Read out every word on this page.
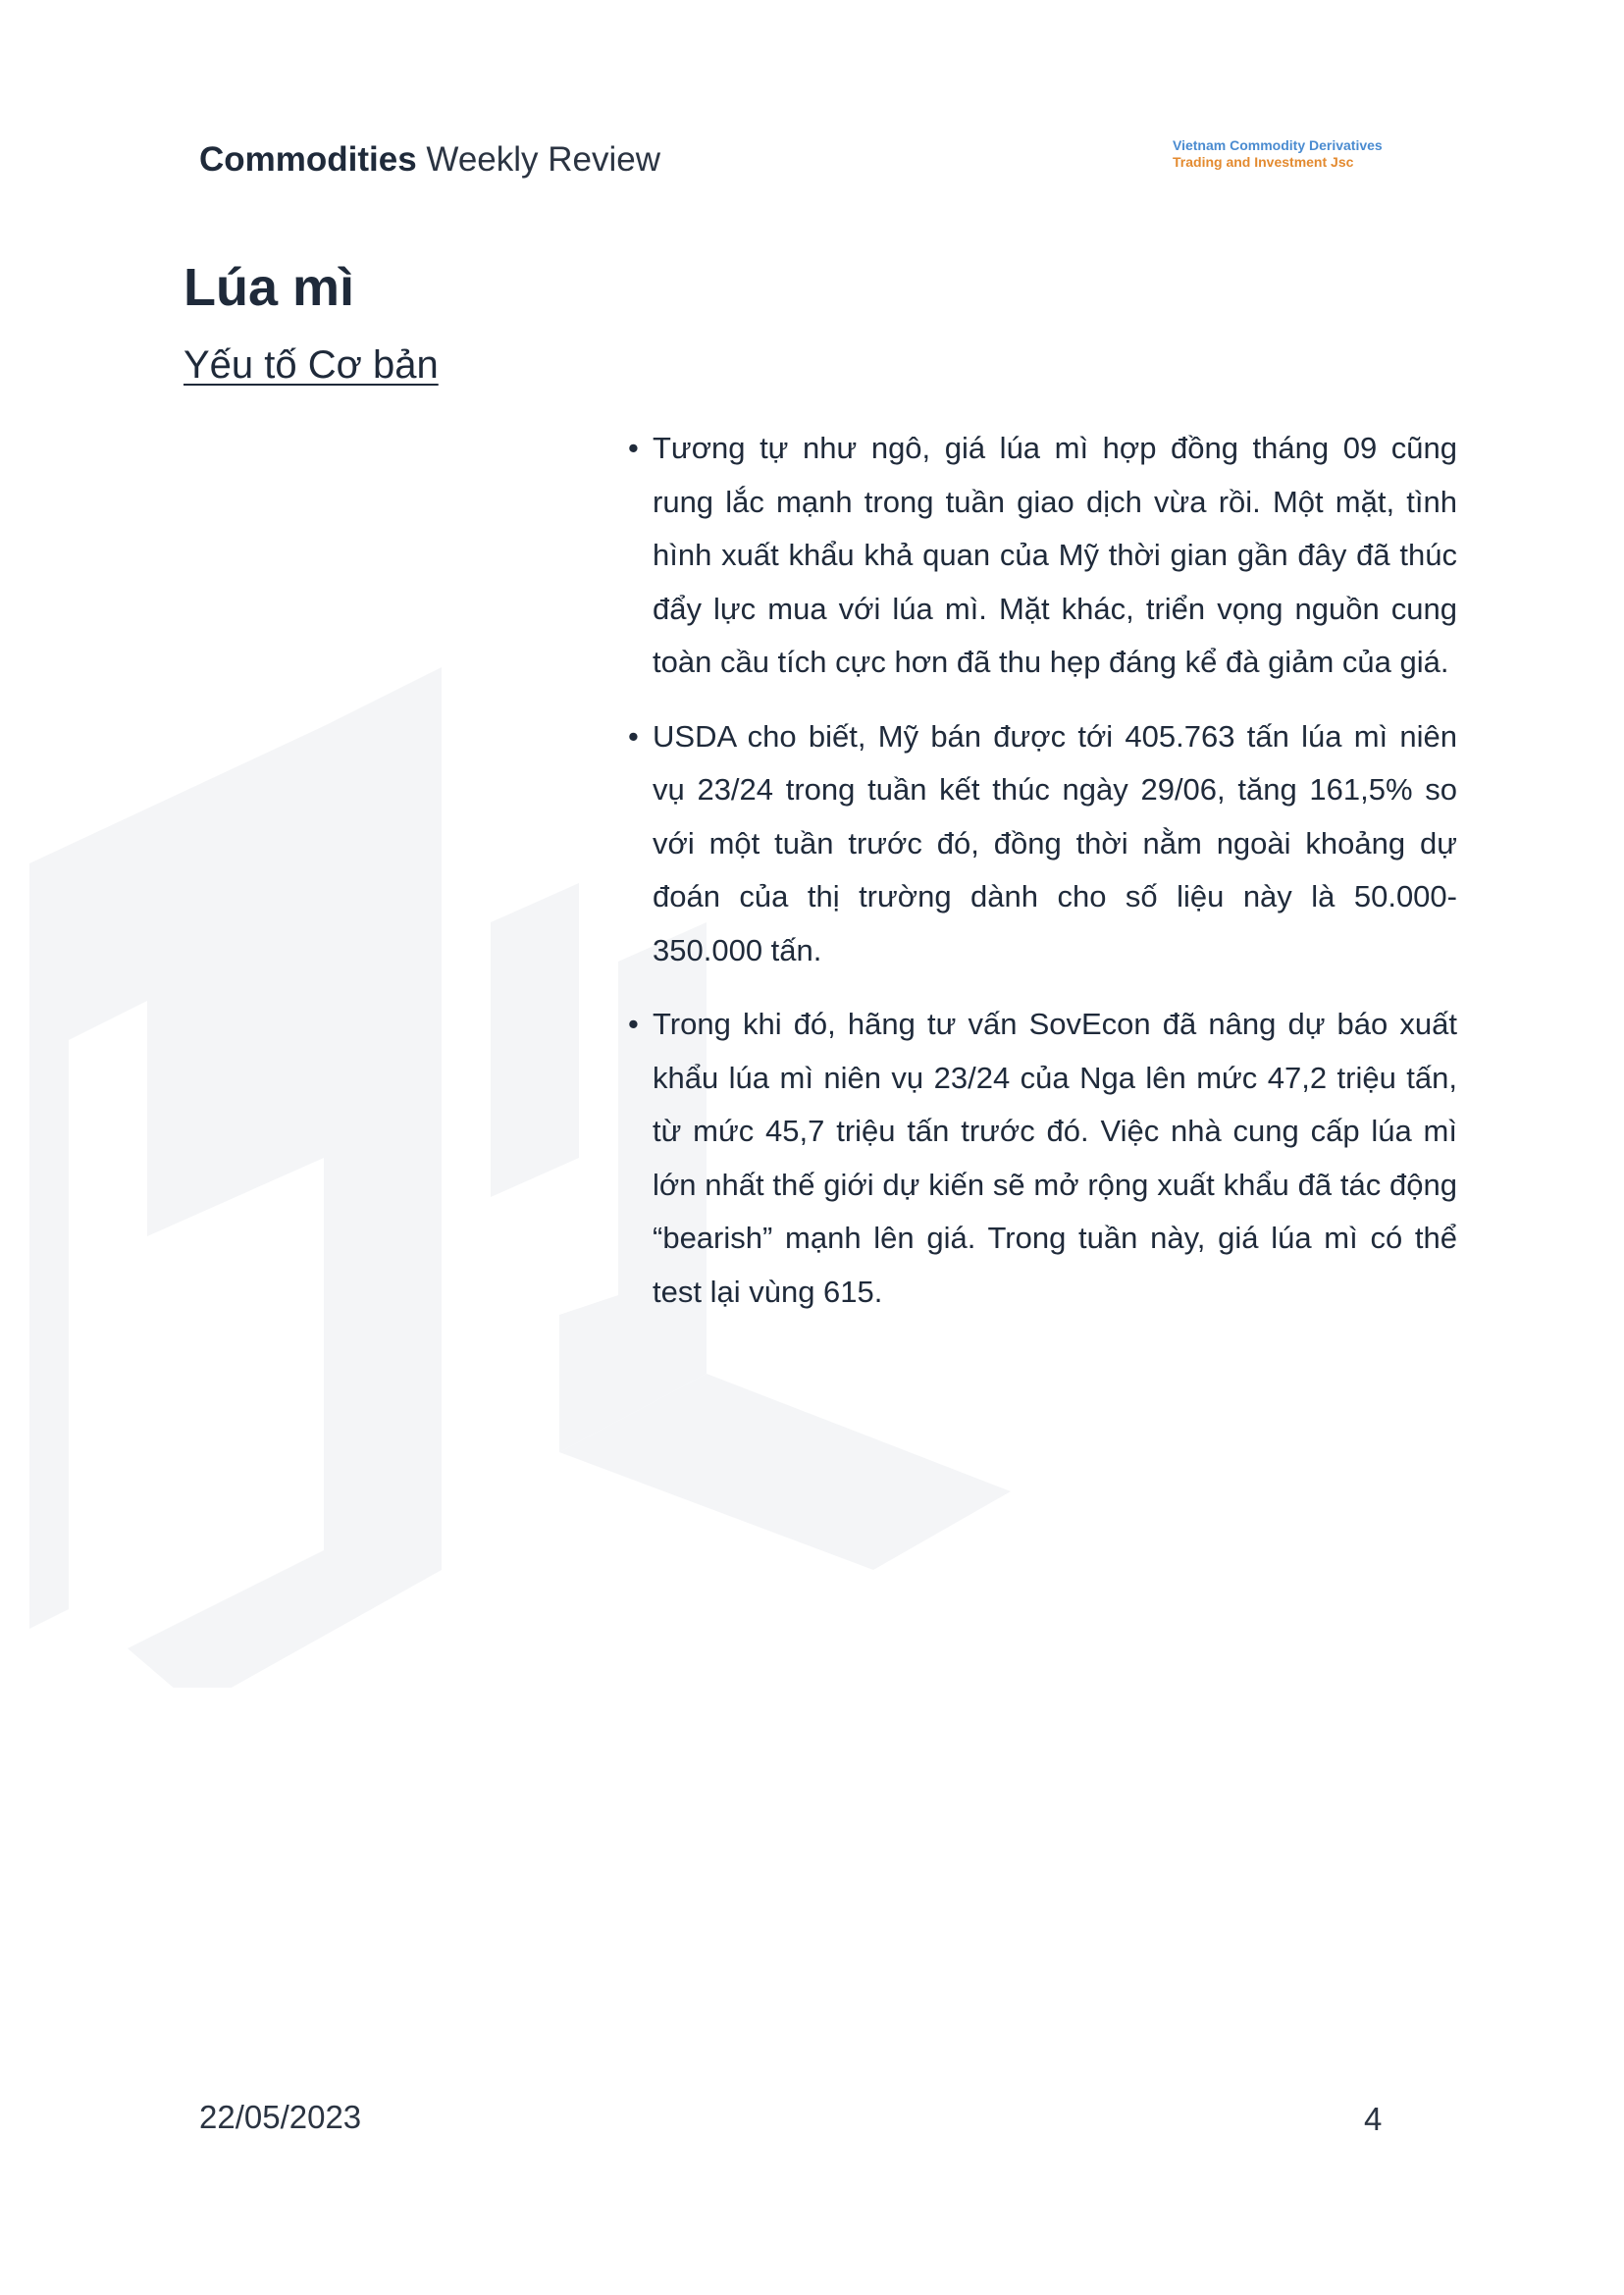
Commodities Weekly Review	Vietnam Commodity Derivatives
Trading and Investment Jsc
Lúa mì
Yếu tố Cơ bản
• Tương tự như ngô, giá lúa mì hợp đồng tháng 09 cũng rung lắc mạnh trong tuần giao dịch vừa rồi. Một mặt, tình hình xuất khẩu khả quan của Mỹ thời gian gần đây đã thúc đẩy lực mua với lúa mì. Mặt khác, triển vọng nguồn cung toàn cầu tích cực hơn đã thu hẹp đáng kể đà giảm của giá.
• USDA cho biết, Mỹ bán được tới 405.763 tấn lúa mì niên vụ 23/24 trong tuần kết thúc ngày 29/06, tăng 161,5% so với một tuần trước đó, đồng thời nằm ngoài khoảng dự đoán của thị trường dành cho số liệu này là 50.000-350.000 tấn.
• Trong khi đó, hãng tư vấn SovEcon đã nâng dự báo xuất khẩu lúa mì niên vụ 23/24 của Nga lên mức 47,2 triệu tấn, từ mức 45,7 triệu tấn trước đó. Việc nhà cung cấp lúa mì lớn nhất thế giới dự kiến sẽ mở rộng xuất khẩu đã tác động “bearish” mạnh lên giá. Trong tuần này, giá lúa mì có thể test lại vùng 615.
22/05/2023	4
